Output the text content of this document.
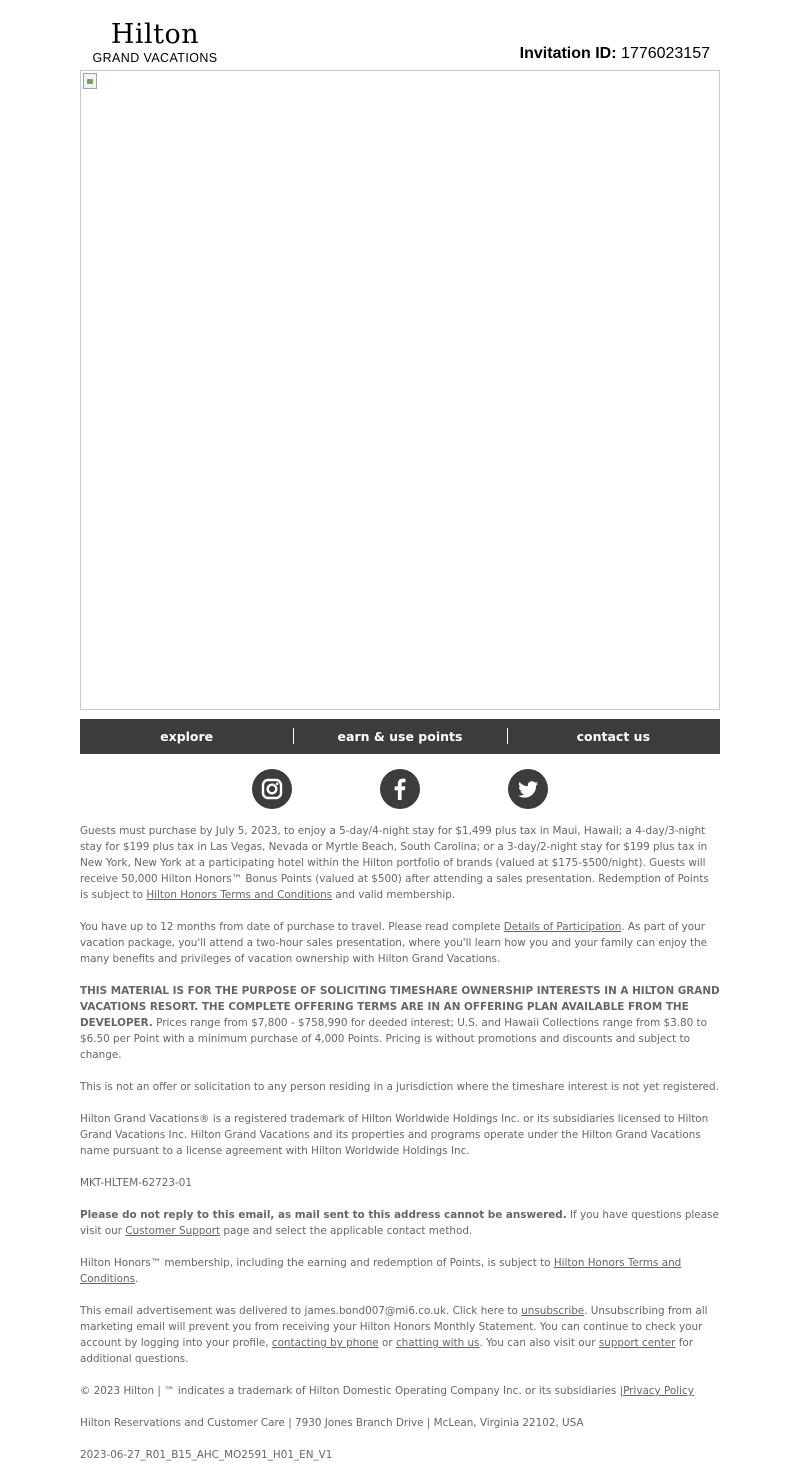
Hilton
GRAND VACATIONS	Invitation ID: 1776023157
explore	earn & use points	contact us

Guests must purchase by July 5, 2023, to enjoy a 5-day/4-night stay for $1,499 plus tax in Maui, Hawaii; a 4-day/3-night stay for $199 plus tax in Las Vegas, Nevada or Myrtle Beach, South Carolina; or a 3-day/2-night stay for $199 plus tax in New York, New York at a participating hotel within the Hilton portfolio of brands (valued at $175-$500/night). Guests will receive 50,000 Hilton Honors™ Bonus Points (valued at $500) after attending a sales presentation. Redemption of Points is subject to Hilton Honors Terms and Conditions and valid membership.

You have up to 12 months from date of purchase to travel. Please read complete Details of Participation. As part of your vacation package, you'll attend a two-hour sales presentation, where you'll learn how you and your family can enjoy the many benefits and privileges of vacation ownership with Hilton Grand Vacations.

THIS MATERIAL IS FOR THE PURPOSE OF SOLICITING TIMESHARE OWNERSHIP INTERESTS IN A HILTON GRAND VACATIONS RESORT. THE COMPLETE OFFERING TERMS ARE IN AN OFFERING PLAN AVAILABLE FROM THE DEVELOPER. Prices range from $7,800 - $758,990 for deeded interest; U.S. and Hawaii Collections range from $3.80 to $6.50 per Point with a minimum purchase of 4,000 Points. Pricing is without promotions and discounts and subject to change.

This is not an offer or solicitation to any person residing in a jurisdiction where the timeshare interest is not yet registered.

Hilton Grand Vacations® is a registered trademark of Hilton Worldwide Holdings Inc. or its subsidiaries licensed to Hilton Grand Vacations Inc. Hilton Grand Vacations and its properties and programs operate under the Hilton Grand Vacations name pursuant to a license agreement with Hilton Worldwide Holdings Inc.

MKT-HLTEM-62723-01

Please do not reply to this email, as mail sent to this address cannot be answered. If you have questions please visit our Customer Support page and select the applicable contact method.

Hilton Honors™ membership, including the earning and redemption of Points, is subject to Hilton Honors Terms and Conditions.

This email advertisement was delivered to james.bond007@mi6.co.uk. Click here to unsubscribe. Unsubscribing from all marketing email will prevent you from receiving your Hilton Honors Monthly Statement. You can continue to check your account by logging into your profile, contacting by phone or chatting with us. You can also visit our support center for additional questions.

© 2023 Hilton | ™ indicates a trademark of Hilton Domestic Operating Company Inc. or its subsidiaries |Privacy Policy

Hilton Reservations and Customer Care | 7930 Jones Branch Drive | McLean, Virginia 22102, USA

2023-06-27_R01_B15_AHC_MO2591_H01_EN_V1
